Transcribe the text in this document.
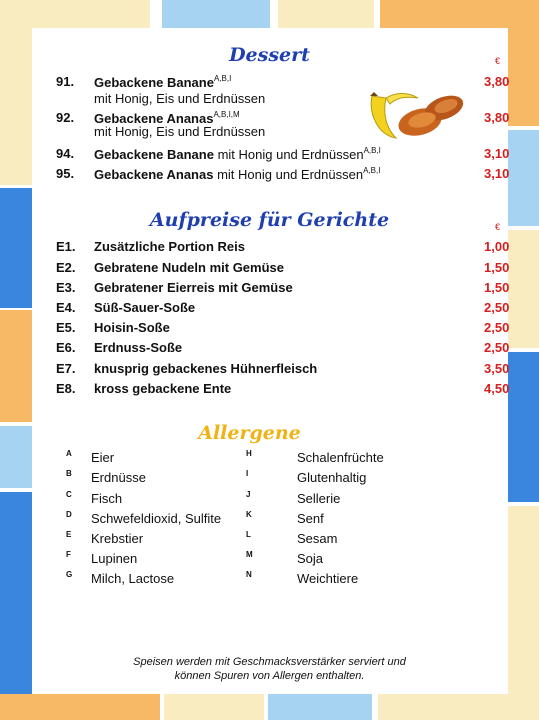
Dessert	€
91. Gebackene Banane$^{A,B,I}$	3,80
mit Honig, Eis und Erdnüssen
92. Gebackene Ananas$^{A,B,I,M}$	3,80
mit Honig, Eis und Erdnüssen
94. Gebackene Banane mit Honig und Erdnüssen$^{A,B,I}$	3,10
95. Gebackene Ananas mit Honig und Erdnüssen$^{A,B,I}$	3,10
Aufpreise für Gerichte	€
E1. Zusätzliche Portion Reis	1,00
E2. Gebratene Nudeln mit Gemüse	1,50
E3. Gebratener Eierreis mit Gemüse	1,50
E4. Süß-Sauer-Soße	2,50
E5. Hoisin-Soße	2,50
E6. Erdnuss-Soße	2,50
E7. knusprig gebackenes Hühnerfleisch	3,50
E8. kross gebackene Ente	4,50
Allergene
A Eier
B Erdnüsse
C Fisch
D Schwefeldioxid, Sulfite
E Krebstier
F Lupinen
G Milch, Lactose
H	Schalenfrüchte
I	Glutenhaltig
J	Sellerie
K	Senf
L	Sesam
M	Soja
N	Weichtiere
Speisen werden mit Geschmacksverstärker serviert und
können Spuren von Allergen enthalten.
